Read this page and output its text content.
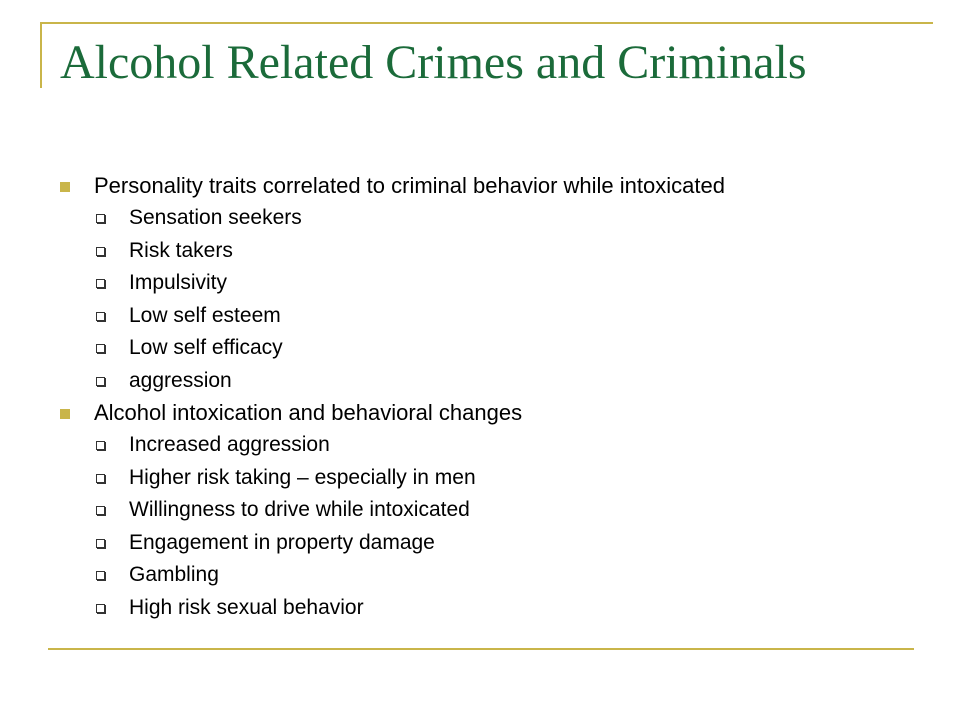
Alcohol Related Crimes and Criminals
Personality traits correlated to criminal behavior while intoxicated
Sensation seekers
Risk takers
Impulsivity
Low self esteem
Low self efficacy
aggression
Alcohol intoxication and behavioral changes
Increased aggression
Higher risk taking – especially in men
Willingness to drive while intoxicated
Engagement in property damage
Gambling
High risk sexual behavior
